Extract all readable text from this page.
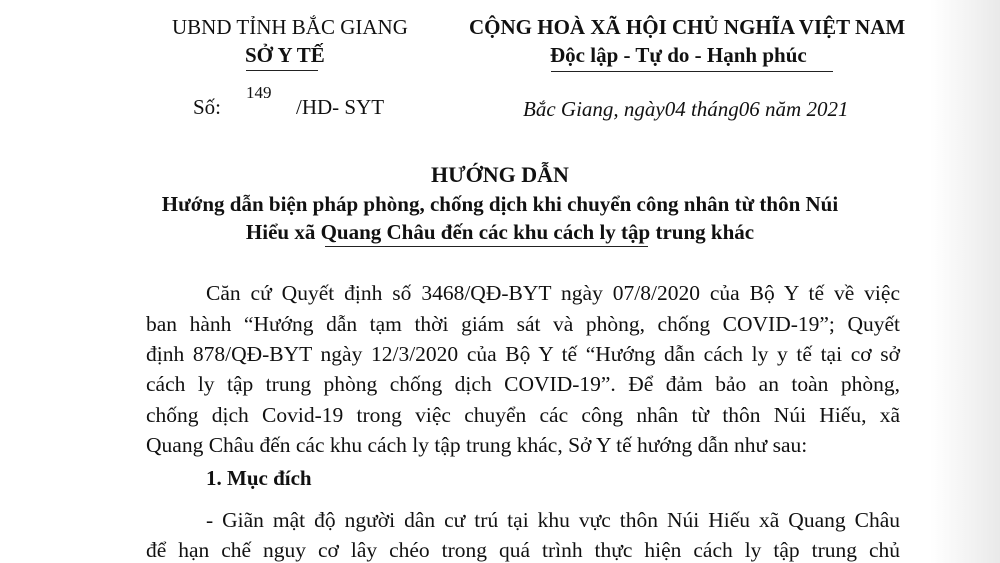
UBND TỈNH BẮC GIANG
SỞ Y TẾ
CỘNG HOÀ XÃ HỘI CHỦ NGHĨA VIỆT NAM
Độc lập - Tự do - Hạnh phúc
Số:
149
/HD- SYT	Bắc Giang, ngày04 tháng06 năm 2021
HƯỚNG DẪN
Hướng dẫn biện pháp phòng, chống dịch khi chuyển công nhân từ thôn Núi
Hiểu xã Quang Châu đến các khu cách ly tập trung khác
Căn cứ Quyết định số 3468/QĐ-BYT ngày 07/8/2020 của Bộ Y tế về việc
ban hành “Hướng dẫn tạm thời giám sát và phòng, chống COVID-19”; Quyết
định 878/QĐ-BYT ngày 12/3/2020 của Bộ Y tế “Hướng dẫn cách ly y tế tại cơ sở
cách ly tập trung phòng chống dịch COVID-19”. Để đảm bảo an toàn phòng,
chống dịch Covid-19 trong việc chuyển các công nhân từ thôn Núi Hiếu, xã
Quang Châu đến các khu cách ly tập trung khác, Sở Y tế hướng dẫn như sau:
1. Mục đích
- Giãn mật độ người dân cư trú tại khu vực thôn Núi Hiếu xã Quang Châu
để hạn chế nguy cơ lây chéo trong quá trình thực hiện cách ly tập trung chủ
